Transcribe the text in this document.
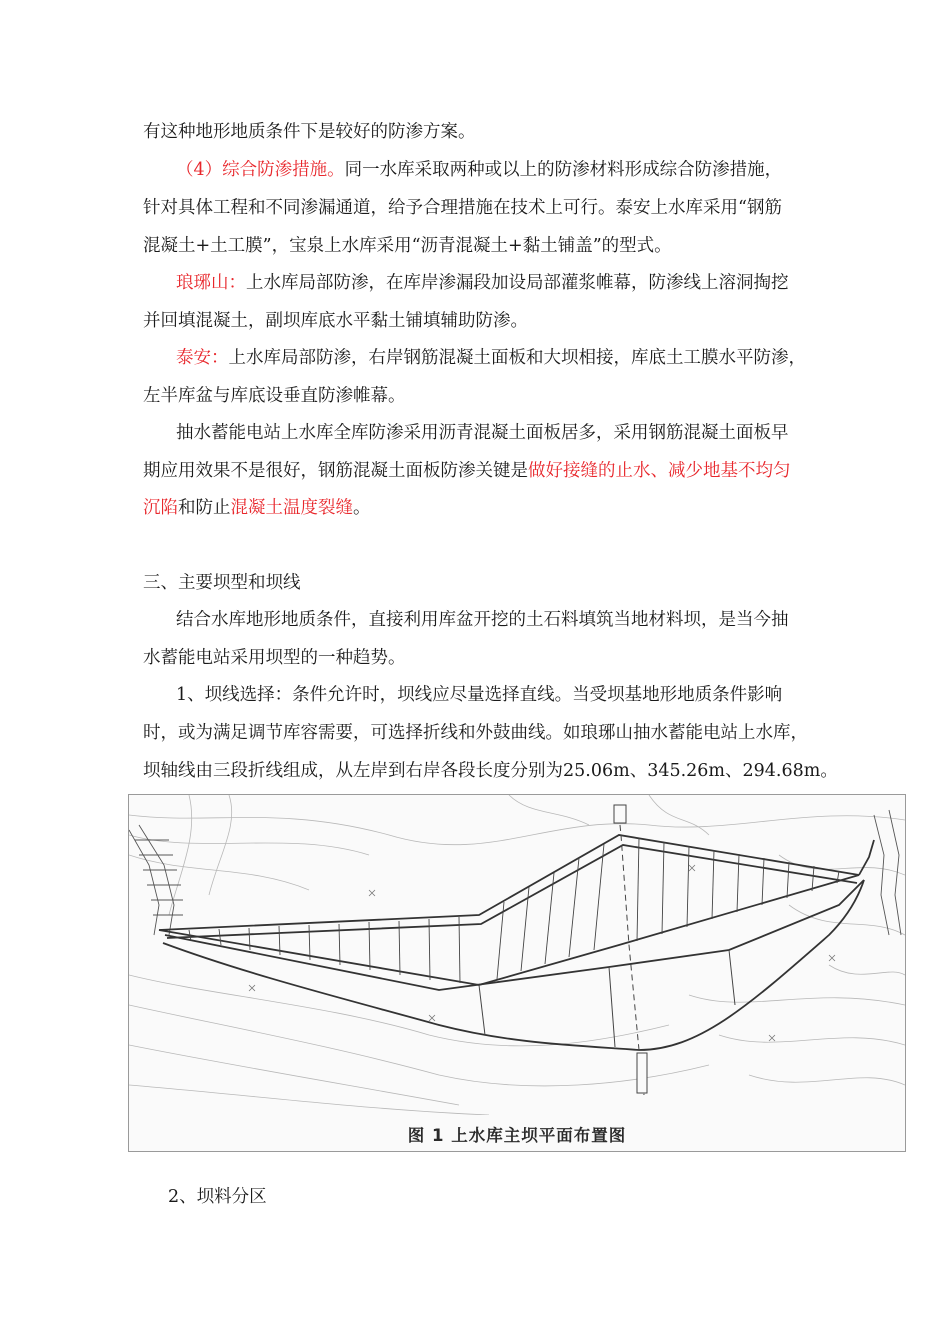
有这种地形地质条件下是较好的防渗方案。
（4）综合防渗措施。同一水库采取两种或以上的防渗材料形成综合防渗措施，
针对具体工程和不同渗漏通道，给予合理措施在技术上可行。泰安上水库采用“钢筋
混凝土+土工膜”，宝泉上水库采用“沥青混凝土+黏土铺盖”的型式。
琅琊山：上水库局部防渗，在库岸渗漏段加设局部灌浆帷幕，防渗线上溶洞掏挖
并回填混凝土，副坝库底水平黏土铺填辅助防渗。
泰安：上水库局部防渗，右岸钢筋混凝土面板和大坝相接，库底土工膜水平防渗，
左半库盆与库底设垂直防渗帷幕。
抽水蓄能电站上水库全库防渗采用沥青混凝土面板居多，采用钢筋混凝土面板早
期应用效果不是很好，钢筋混凝土面板防渗关键是做好接缝的止水、减少地基不均匀
沉陷和防止混凝土温度裂缝。
三、主要坝型和坝线
结合水库地形地质条件，直接利用库盆开挖的土石料填筑当地材料坝，是当今抽
水蓄能电站采用坝型的一种趋势。
1、坝线选择：条件允许时，坝线应尽量选择直线。当受坝基地形地质条件影响
时，或为满足调节库容需要，可选择折线和外鼓曲线。如琅琊山抽水蓄能电站上水库，
坝轴线由三段折线组成，从左岸到右岸各段长度分别为25.06m、345.26m、294.68m。
图 1 上水库主坝平面布置图
2、坝料分区
